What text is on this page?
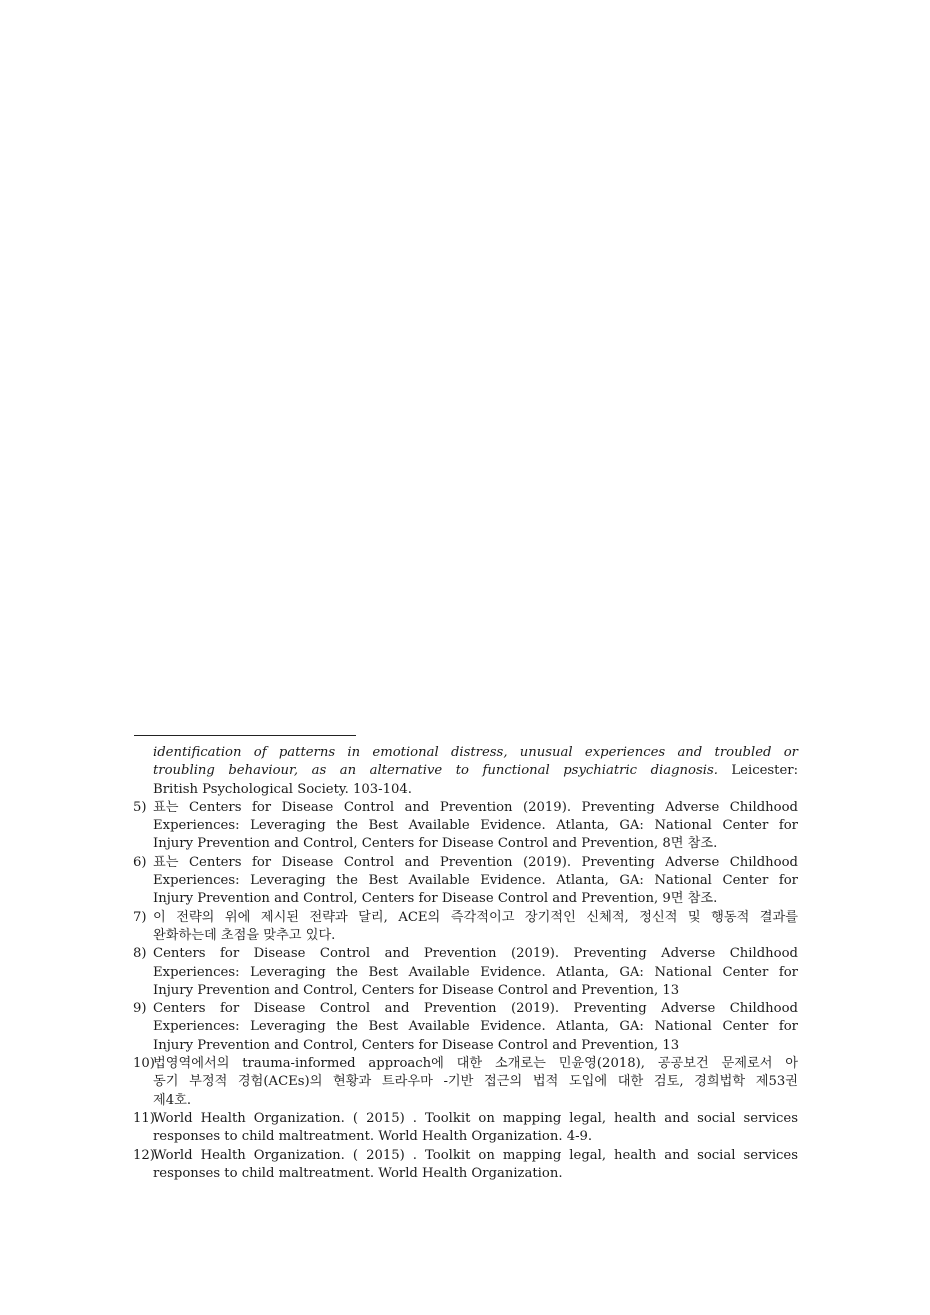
identification of patterns in emotional distress, unusual experiences and troubled or
troubling behaviour, as an alternative to functional psychiatric diagnosis. Leicester:
British Psychological Society. 103-104.
5) 표는 Centers for Disease Control and Prevention (2019). Preventing Adverse Childhood
Experiences: Leveraging the Best Available Evidence. Atlanta, GA: National Center for
Injury Prevention and Control, Centers for Disease Control and Prevention, 8면 참조.
6) 표는 Centers for Disease Control and Prevention (2019). Preventing Adverse Childhood
Experiences: Leveraging the Best Available Evidence. Atlanta, GA: National Center for
Injury Prevention and Control, Centers for Disease Control and Prevention, 9면 참조.
7) 이 전략의 위에 제시된 전략과 달리, ACE의 즉각적이고 장기적인 신체적, 정신적 및 행동적 결과를
완화하는데 초점을 맞추고 있다.
8) Centers for Disease Control and Prevention (2019). Preventing Adverse Childhood
Experiences: Leveraging the Best Available Evidence. Atlanta, GA: National Center for
Injury Prevention and Control, Centers for Disease Control and Prevention, 13
9) Centers for Disease Control and Prevention (2019). Preventing Adverse Childhood
Experiences: Leveraging the Best Available Evidence. Atlanta, GA: National Center for
Injury Prevention and Control, Centers for Disease Control and Prevention, 13
10)
법영역에서의 trauma-informed approach에 대한 소개로는 민윤영(2018), 공공보건 문제로서 아
동기 부정적 경험(ACEs)의 현황과 트라우마 -기반 접근의 법적 도입에 대한 검토, 경희법학 제53권
제4호.
11)
World Health Organization. ( 2015) . Toolkit on mapping legal, health and social services
responses to child maltreatment. World Health Organization. 4-9.
12)
World Health Organization. ( 2015) . Toolkit on mapping legal, health and social services
responses to child maltreatment. World Health Organization.
